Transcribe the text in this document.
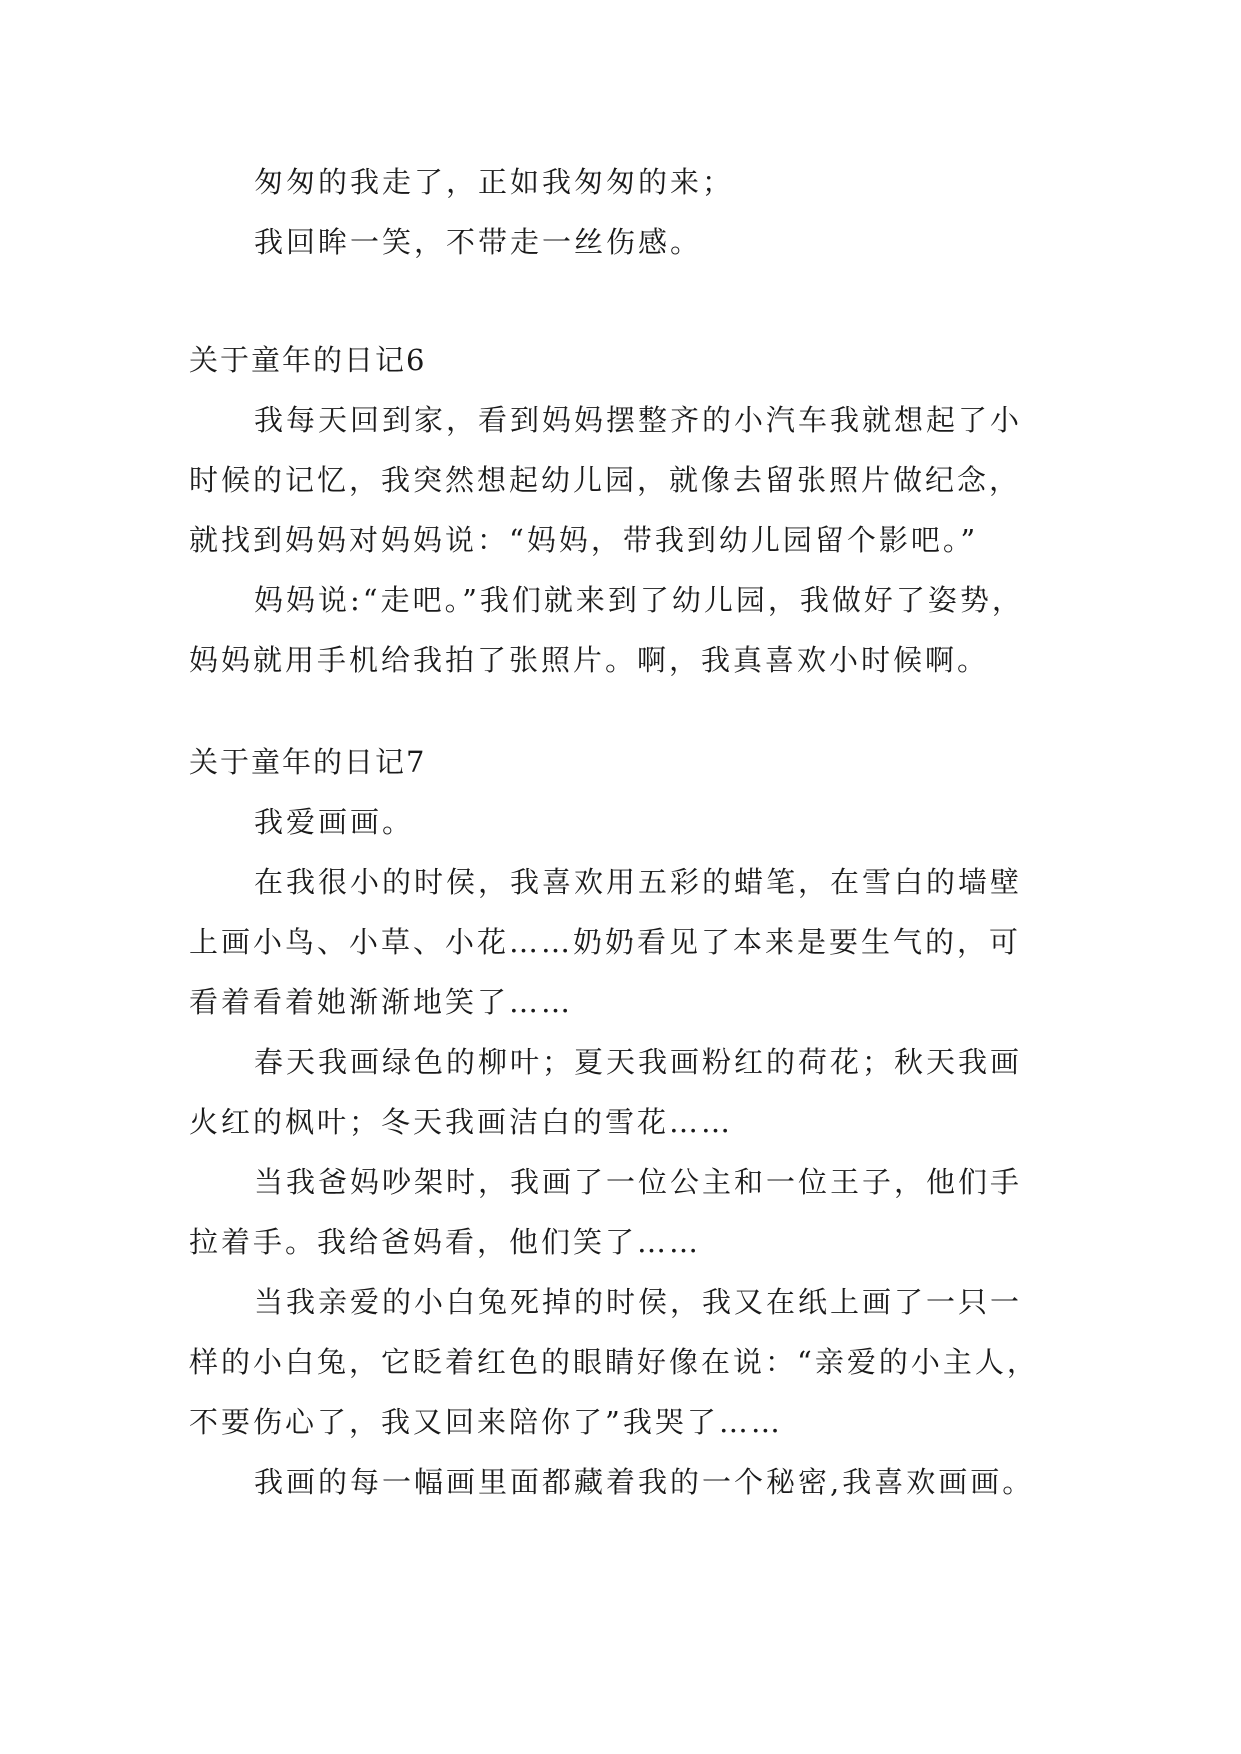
匆匆的我走了，正如我匆匆的来；

我回眸一笑，不带走一丝伤感。

关于童年的日记6

我每天回到家，看到妈妈摆整齐的小汽车我就想起了小

时候的记忆，我突然想起幼儿园，就像去留张照片做纪念，

就找到妈妈对妈妈说：“妈妈，带我到幼儿园留个影吧。”

妈妈说:“走吧。”我们就来到了幼儿园，我做好了姿势，

妈妈就用手机给我拍了张照片。啊，我真喜欢小时候啊。

关于童年的日记7

我爱画画。

在我很小的时侯，我喜欢用五彩的蜡笔，在雪白的墙壁

上画小鸟、小草、小花……奶奶看见了本来是要生气的，可

看着看着她渐渐地笑了……

春天我画绿色的柳叶；夏天我画粉红的荷花；秋天我画

火红的枫叶；冬天我画洁白的雪花……

当我爸妈吵架时，我画了一位公主和一位王子，他们手

拉着手。我给爸妈看，他们笑了……

当我亲爱的小白兔死掉的时侯，我又在纸上画了一只一

样的小白兔，它眨着红色的眼睛好像在说：“亲爱的小主人，

不要伤心了，我又回来陪你了”我哭了……

我画的每一幅画里面都藏着我的一个秘密,我喜欢画画。
